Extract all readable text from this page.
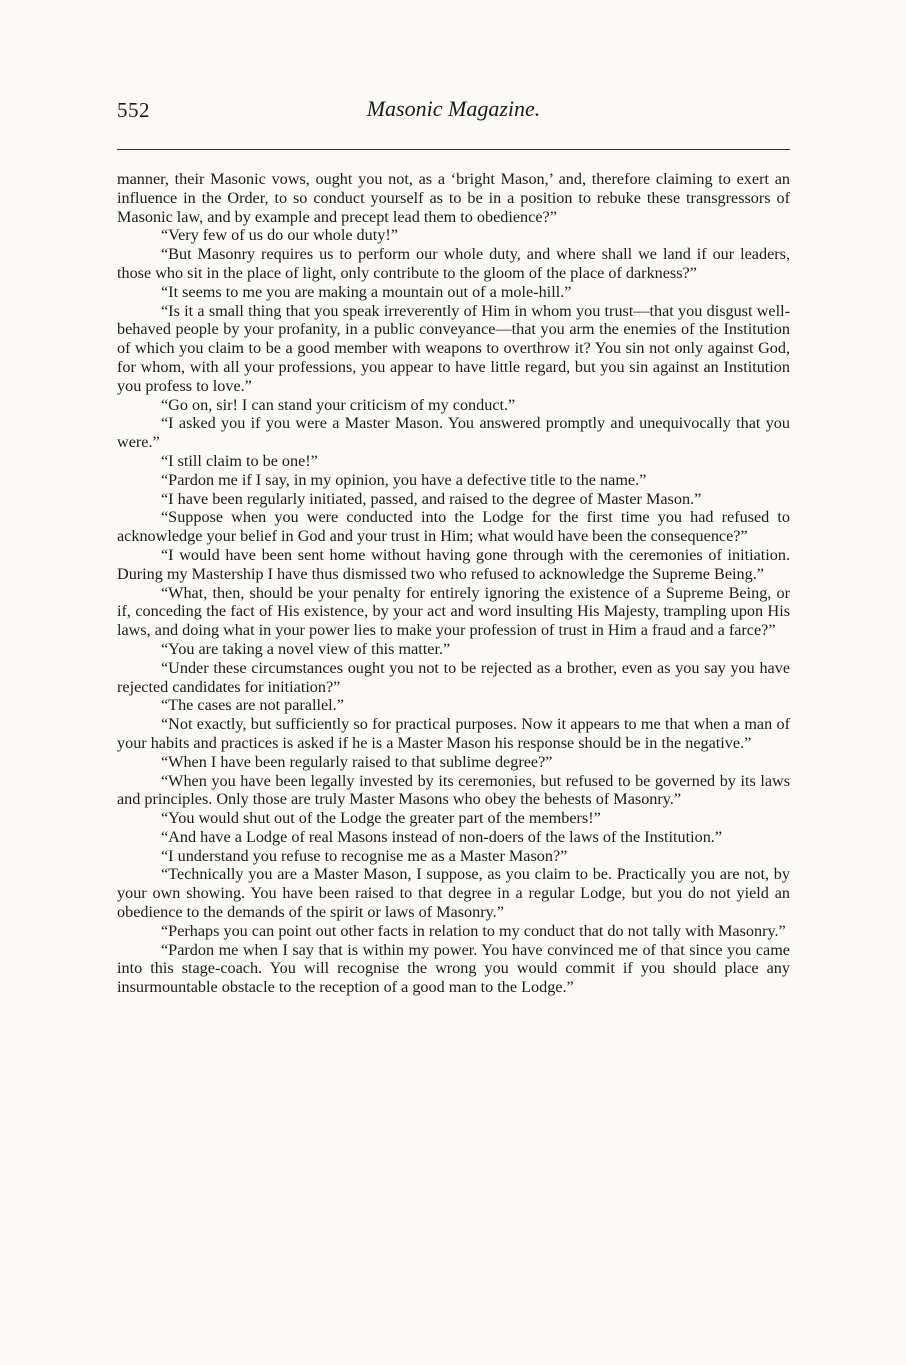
552	Masonic Magazine.

manner, their Masonic vows, ought you not, as a ‘bright Mason,’ and, therefore claiming to exert an influence in the Order, to so conduct yourself as to be in a position to rebuke these transgressors of Masonic law, and by example and precept lead them to obedience?”

“Very few of us do our whole duty!”

“But Masonry requires us to perform our whole duty, and where shall we land if our leaders, those who sit in the place of light, only contribute to the gloom of the place of darkness?”

“It seems to me you are making a mountain out of a mole-hill.”

“Is it a small thing that you speak irreverently of Him in whom you trust—that you disgust well-behaved people by your profanity, in a public conveyance—that you arm the enemies of the Institution of which you claim to be a good member with weapons to overthrow it? You sin not only against God, for whom, with all your professions, you appear to have little regard, but you sin against an Institution you profess to love.”

“Go on, sir! I can stand your criticism of my conduct.”

“I asked you if you were a Master Mason. You answered promptly and unequivocally that you were.”

“I still claim to be one!”

“Pardon me if I say, in my opinion, you have a defective title to the name.”

“I have been regularly initiated, passed, and raised to the degree of Master Mason.”

“Suppose when you were conducted into the Lodge for the first time you had refused to acknowledge your belief in God and your trust in Him; what would have been the consequence?”

“I would have been sent home without having gone through with the ceremonies of initiation. During my Mastership I have thus dismissed two who refused to acknowledge the Supreme Being.”

“What, then, should be your penalty for entirely ignoring the existence of a Supreme Being, or if, conceding the fact of His existence, by your act and word insulting His Majesty, trampling upon His laws, and doing what in your power lies to make your profession of trust in Him a fraud and a farce?”

“You are taking a novel view of this matter.”

“Under these circumstances ought you not to be rejected as a brother, even as you say you have rejected candidates for initiation?”

“The cases are not parallel.”

“Not exactly, but sufficiently so for practical purposes. Now it appears to me that when a man of your habits and practices is asked if he is a Master Mason his response should be in the negative.”

“When I have been regularly raised to that sublime degree?”

“When you have been legally invested by its ceremonies, but refused to be governed by its laws and principles. Only those are truly Master Masons who obey the behests of Masonry.”

“You would shut out of the Lodge the greater part of the members!”

“And have a Lodge of real Masons instead of non-doers of the laws of the Institution.”

“I understand you refuse to recognise me as a Master Mason?”

“Technically you are a Master Mason, I suppose, as you claim to be. Practically you are not, by your own showing. You have been raised to that degree in a regular Lodge, but you do not yield an obedience to the demands of the spirit or laws of Masonry.”

“Perhaps you can point out other facts in relation to my conduct that do not tally with Masonry.”

“Pardon me when I say that is within my power. You have convinced me of that since you came into this stage-coach. You will recognise the wrong you would commit if you should place any insurmountable obstacle to the reception of a good man to the Lodge.”
